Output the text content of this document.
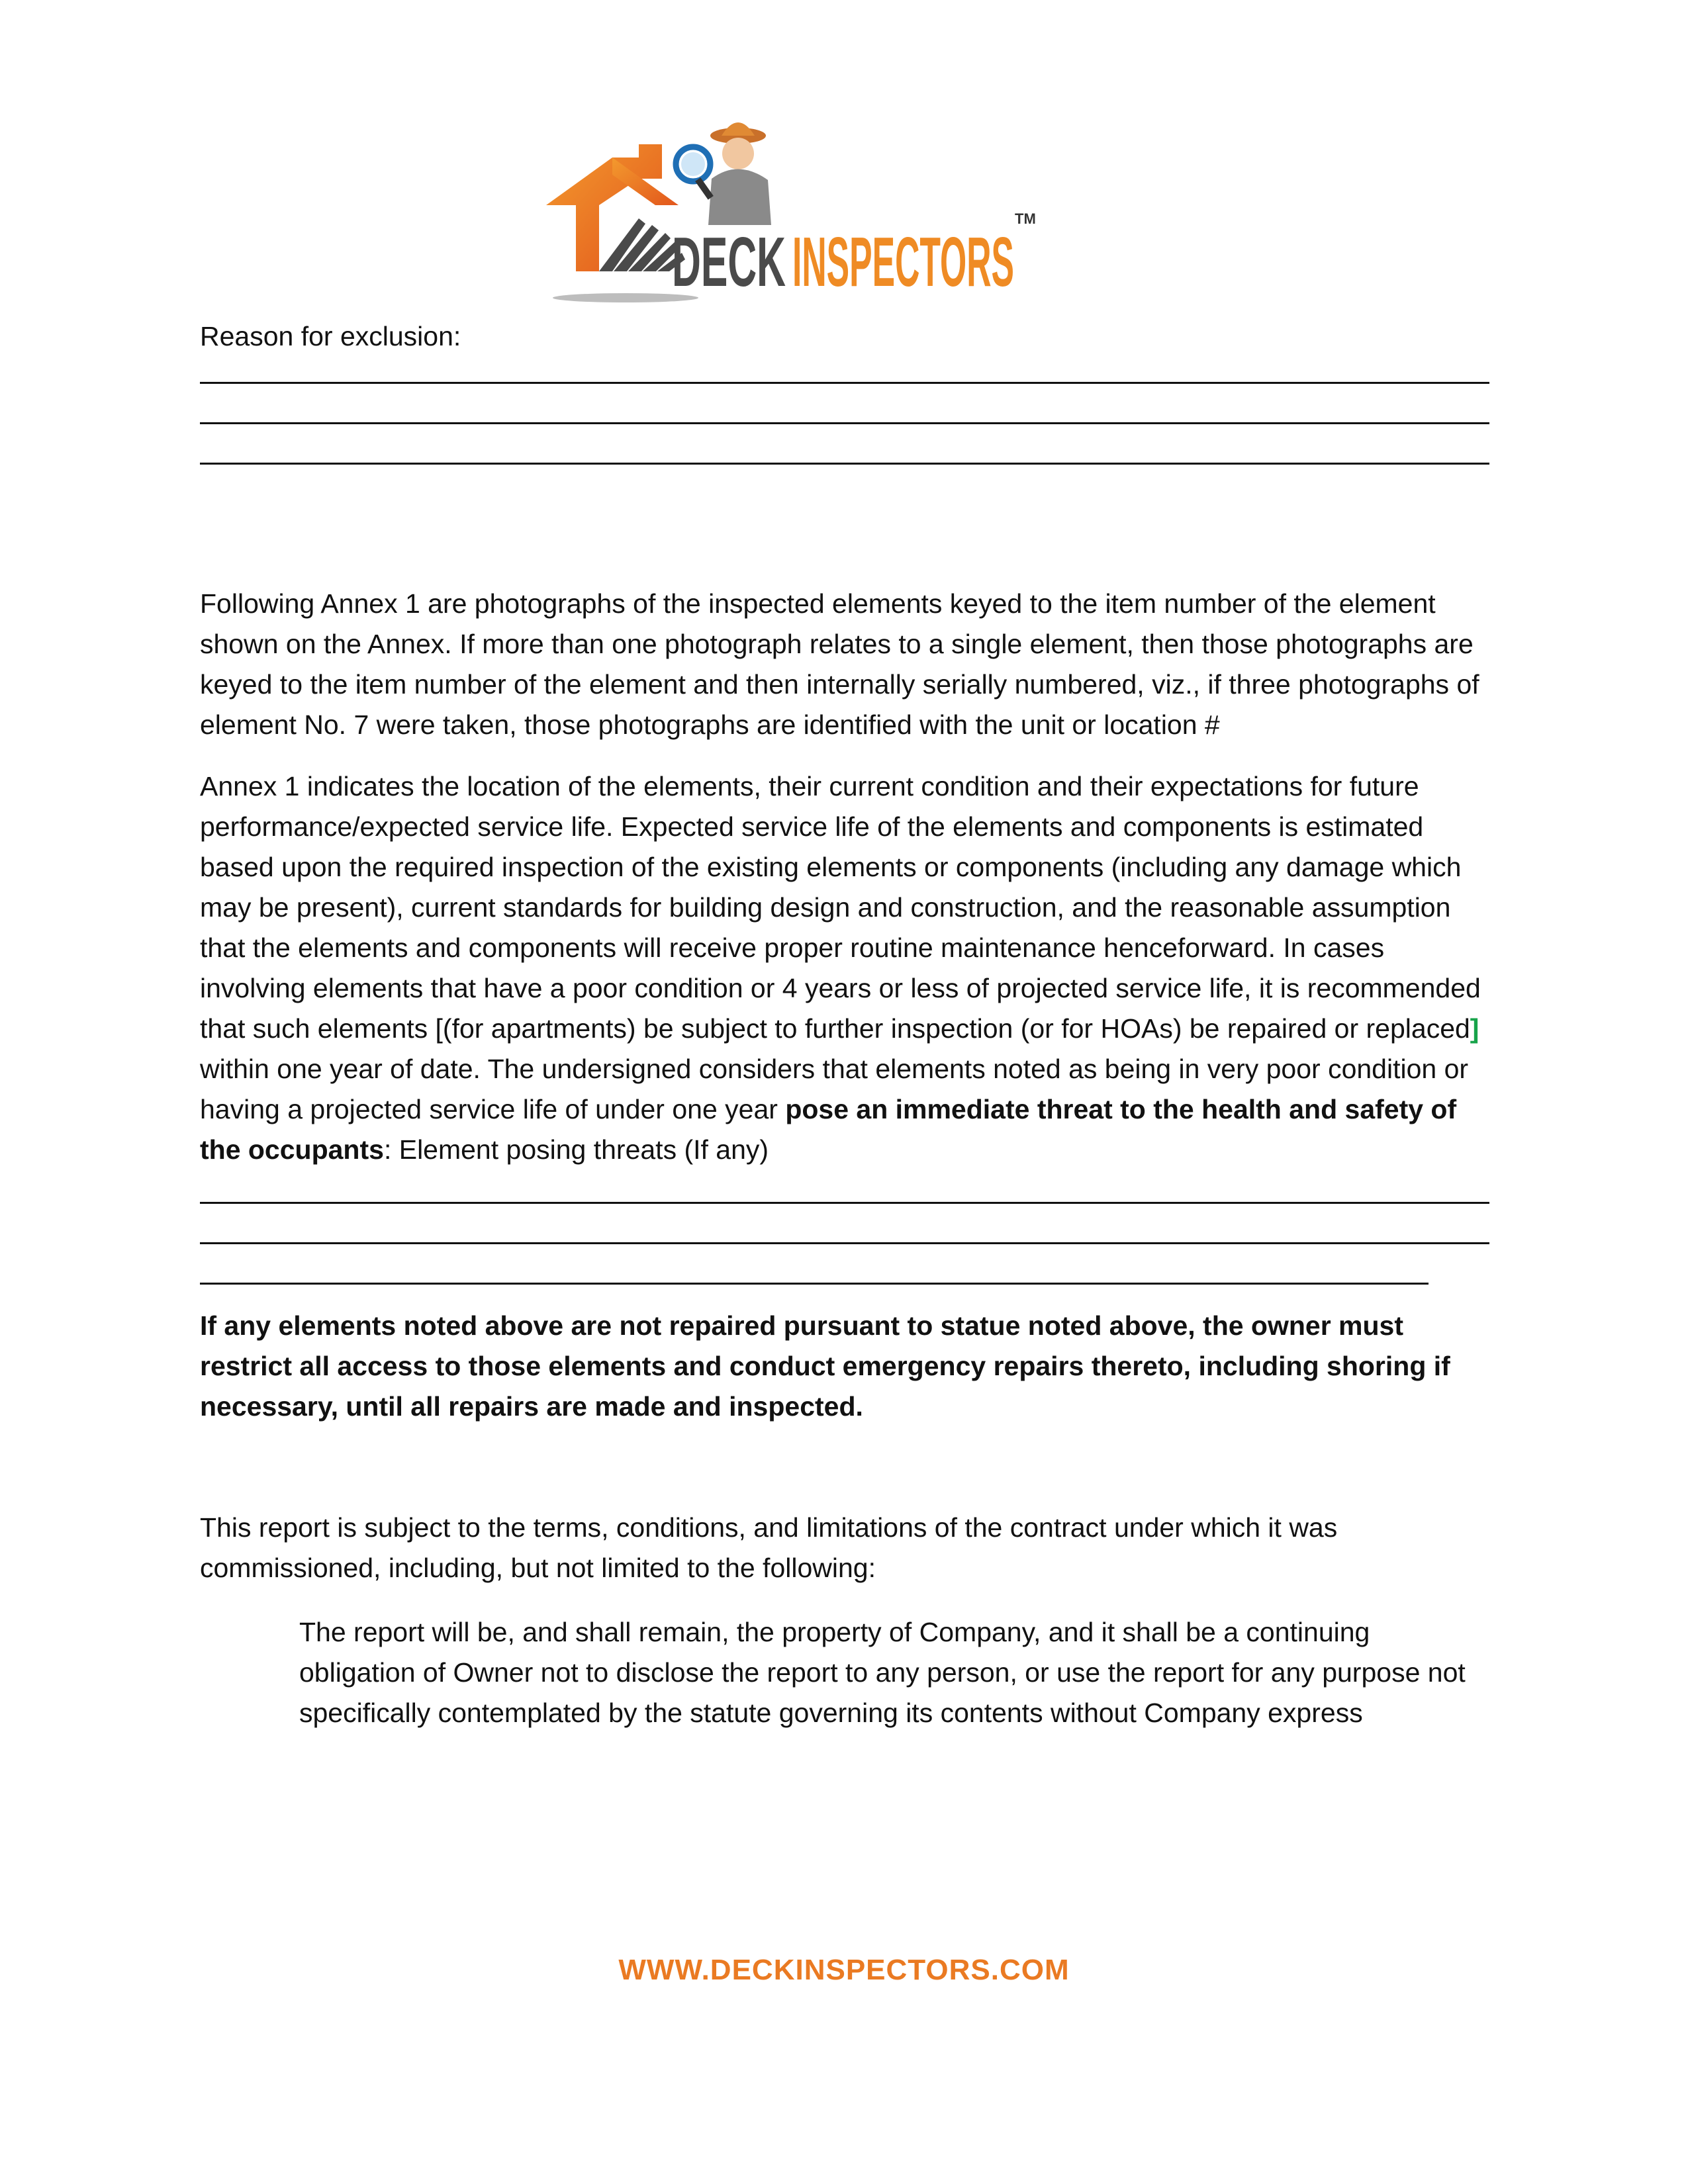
DECK INSPECTORS
TM

Reason for exclusion:

Following Annex 1 are photographs of the inspected elements keyed to the item number of the element shown on the Annex. If more than one photograph relates to a single element, then those photographs are keyed to the item number of the element and then internally serially numbered, viz., if three photographs of element No. 7 were taken, those photographs are identified with the unit or location #

Annex 1 indicates the location of the elements, their current condition and their expectations for future performance/expected service life. Expected service life of the elements and components is estimated based upon the required inspection of the existing elements or components (including any damage which may be present), current standards for building design and construction, and the reasonable assumption that the elements and components will receive proper routine maintenance henceforward. In cases involving elements that have a poor condition or 4 years or less of projected service life, it is recommended that such elements [(for apartments) be subject to further inspection (or for HOAs) be repaired or replaced] within one year of date. The undersigned considers that elements noted as being in very poor condition or having a projected service life of under one year pose an immediate threat to the health and safety of the occupants: Element posing threats (If any)

If any elements noted above are not repaired pursuant to statue noted above, the owner must restrict all access to those elements and conduct emergency repairs thereto, including shoring if necessary, until all repairs are made and inspected.

This report is subject to the terms, conditions, and limitations of the contract under which it was commissioned, including, but not limited to the following:

The report will be, and shall remain, the property of Company, and it shall be a continuing obligation of Owner not to disclose the report to any person, or use the report for any purpose not specifically contemplated by the statute governing its contents without Company express

WWW.DECKINSPECTORS.COM
